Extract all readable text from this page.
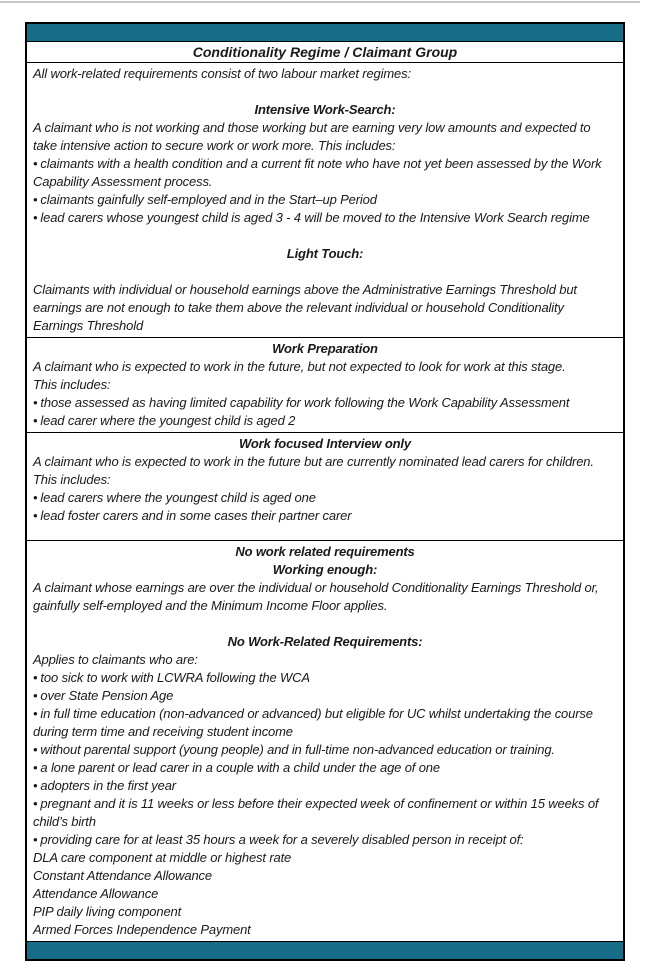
Conditionality Regime / Claimant Group
All work-related requirements consist of two labour market regimes:
Intensive Work-Search:
A claimant who is not working and those working but are earning very low amounts and expected to take intensive action to secure work or work more. This includes:
• claimants with a health condition and a current fit note who have not yet been assessed by the Work Capability Assessment process.
• claimants gainfully self-employed and in the Start–up Period
• lead carers whose youngest child is aged 3 - 4 will be moved to the Intensive Work Search regime
Light Touch:
Claimants with individual or household earnings above the Administrative Earnings Threshold but earnings are not enough to take them above the relevant individual or household Conditionality Earnings Threshold
Work Preparation
A claimant who is expected to work in the future, but not expected to look for work at this stage.
This includes:
• those assessed as having limited capability for work following the Work Capability Assessment
• lead carer where the youngest child is aged 2
Work focused Interview only
A claimant who is expected to work in the future but are currently nominated lead carers for children.
This includes:
• lead carers where the youngest child is aged one
• lead foster carers and in some cases their partner carer
No work related requirements
Working enough:
A claimant whose earnings are over the individual or household Conditionality Earnings Threshold or, gainfully self-employed and the Minimum Income Floor applies.
No Work-Related Requirements:
Applies to claimants who are:
• too sick to work with LCWRA following the WCA
• over State Pension Age
• in full time education (non-advanced or advanced) but eligible for UC whilst undertaking the course during term time and receiving student income
• without parental support (young people) and in full-time non-advanced education or training.
• a lone parent or lead carer in a couple with a child under the age of one
• adopters in the first year
• pregnant and it is 11 weeks or less before their expected week of confinement or within 15 weeks of child’s birth
• providing care for at least 35 hours a week for a severely disabled person in receipt of:
DLA care component at middle or highest rate
Constant Attendance Allowance
Attendance Allowance
PIP daily living component
Armed Forces Independence Payment
